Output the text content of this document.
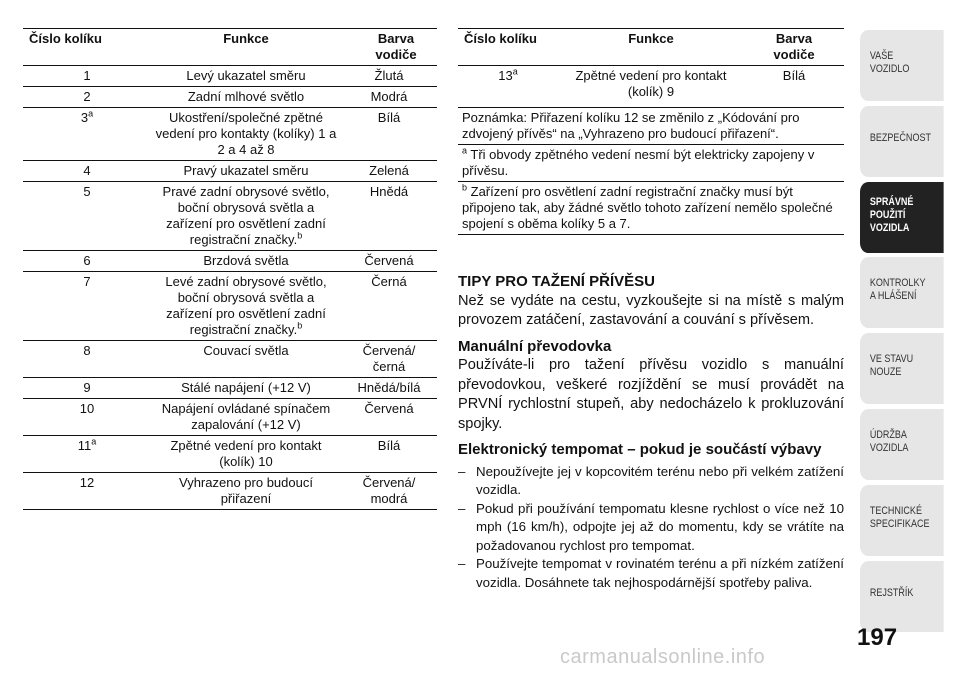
Číslo kolíku	Funkce	Barva vodiče
1	Levý ukazatel směru	Žlutá
2	Zadní mlhové světlo	Modrá
3$^a$	Ukostření/společné zpětné vedení pro kontakty (kolíky) 1 a 2 a 4 až 8	Bílá
4	Pravý ukazatel směru	Zelená
5	Pravé zadní obrysové světlo, boční obrysová světla a zařízení pro osvětlení zadní registrační značky.$^b$	Hnědá
6	Brzdová světla	Červená
7	Levé zadní obrysové světlo, boční obrysová světla a zařízení pro osvětlení zadní registrační značky.$^b$	Černá
8	Couvací světla	Červená/ černá
9	Stálé napájení (+12 V)	Hnědá/bílá
10	Napájení ovládané spínačem zapalování (+12 V)	Červená
11$^a$	Zpětné vedení pro kontakt (kolík) 10	Bílá
12	Vyhrazeno pro budoucí přiřazení	Červená/ modrá
Číslo kolíku	Funkce	Barva vodiče
13$^a$	Zpětné vedení pro kontakt (kolík) 9	Bílá
Poznámka: Přiřazení kolíku 12 se změnilo z „Kódování pro zdvojený přívěs“ na „Vyhrazeno pro budoucí přiřazení“.		
$^a$ Tři obvody zpětného vedení nesmí být elektricky zapojeny v přívěsu.		
$^b$ Zařízení pro osvětlení zadní registrační značky musí být připojeno tak, aby žádné světlo tohoto zařízení nemělo společné spojení s oběma kolíky 5 a 7.		
TIPY PRO TAŽENÍ PŘÍVĚSU
Než se vydáte na cestu, vyzkoušejte si na místě s malým provozem zatáčení, zastavování a couvání s přívěsem.
Manuální převodovka
Používáte-li pro tažení přívěsu vozidlo s manuální převodovkou, veškeré rozjíždění se musí provádět na PRVNÍ rychlostní stupeň, aby nedocházelo k prokluzování spojky.
Elektronický tempomat – pokud je součástí výbavy
– Nepoužívejte jej v kopcovitém terénu nebo při velkém zatížení vozidla.
– Pokud při používání tempomatu klesne rychlost o více než 10 mph (16 km/h), odpojte jej až do momentu, kdy se vrátíte na požadovanou rychlost pro tempomat.
– Používejte tempomat v rovinatém terénu a při nízkém zatížení vozidla. Dosáhnete tak nejhospodárnější spotřeby paliva.
VAŠE
VOZIDLO
BEZPEČNOST
SPRÁVNÉ
POUŽITÍ
VOZIDLA
KONTROLKY
A HLÁŠENÍ
VE STAVU
NOUZE
ÚDRŽBA
VOZIDLA
TECHNICKÉ
SPECIFIKACE
REJSTŘÍK
197
carmanualsonline.info
